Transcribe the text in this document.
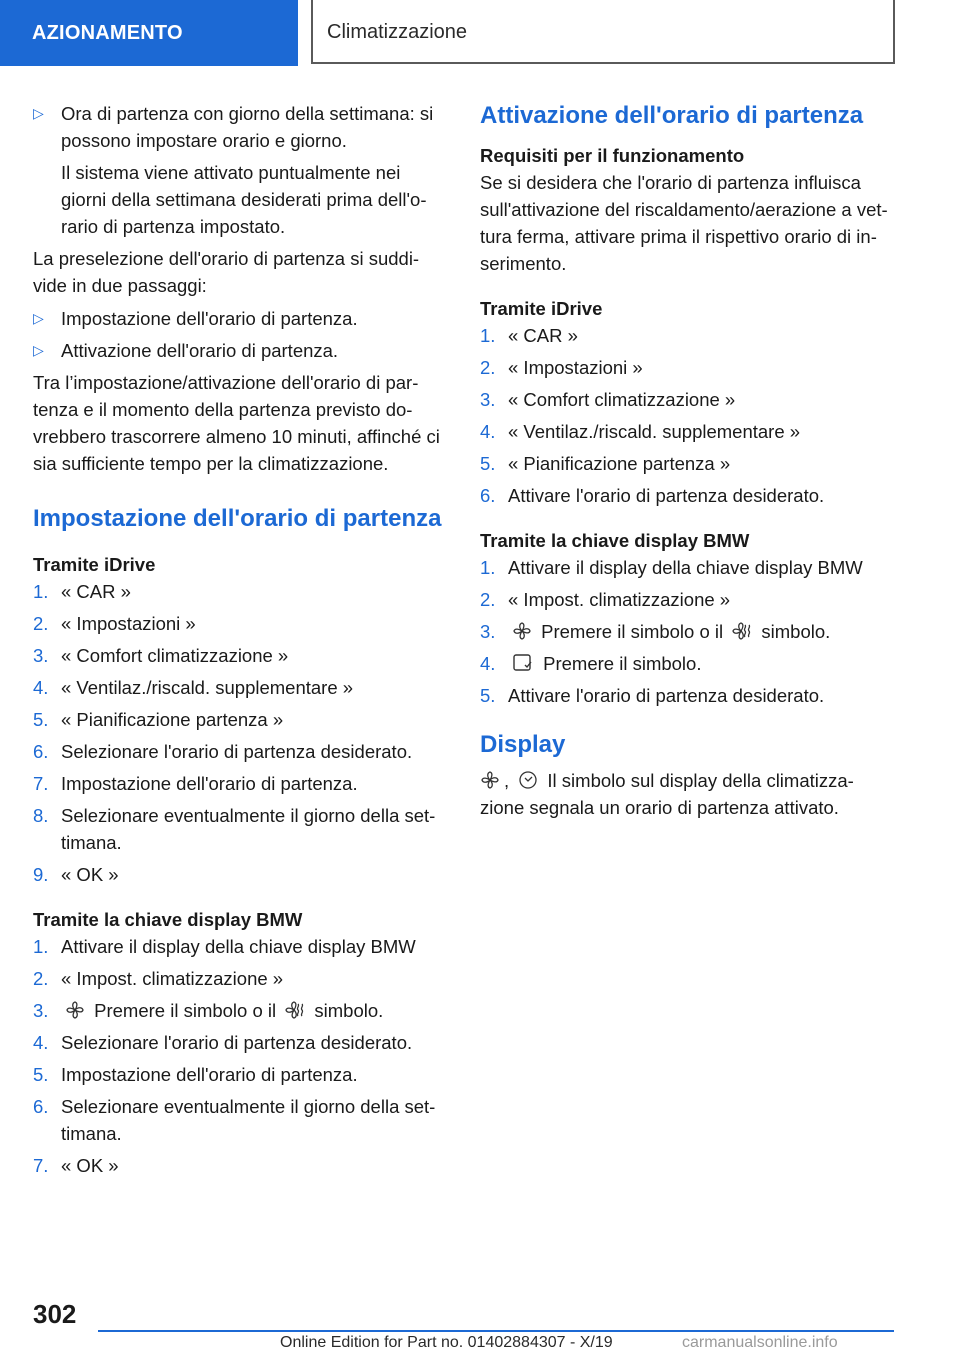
AZIONAMENTO	Climatizzazione
▷ Ora di partenza con giorno della settimana: si possono impostare orario e giorno.

Il sistema viene attivato puntualmente nei giorni della settimana desiderati prima dell'o-rario di partenza impostato.

La preselezione dell'orario di partenza si suddi-vide in due passaggi:

▷ Impostazione dell'orario di partenza.

▷ Attivazione dell'orario di partenza.

Tra l’impostazione/attivazione dell'orario di par-tenza e il momento della partenza previsto do-vrebbero trascorrere almeno 10 minuti, affinché ci sia sufficiente tempo per la climatizzazione.

Impostazione dell'orario di partenza
Tramite iDrive
1. « CAR »
2. « Impostazioni »
3. « Comfort climatizzazione »
4. « Ventilaz./riscald. supplementare »
5. « Pianificazione partenza »
6. Selezionare l'orario di partenza desiderato.
7. Impostazione dell'orario di partenza.
8. Selezionare eventualmente il giorno della set-timana.
9. « OK »
Tramite la chiave display BMW
1. Attivare il display della chiave display BMW
2. « Impost. climatizzazione »
3. Premere il simbolo o il simbolo.
4. Selezionare l'orario di partenza desiderato.
5. Impostazione dell'orario di partenza.
6. Selezionare eventualmente il giorno della set-timana.
7. « OK »
Attivazione dell'orario di partenza
Requisiti per il funzionamento

Se si desidera che l'orario di partenza influisca sull'attivazione del riscaldamento/aerazione a vet-tura ferma, attivare prima il rispettivo orario di in-serimento.

Tramite iDrive
1. « CAR »
2. « Impostazioni »
3. « Comfort climatizzazione »
4. « Ventilaz./riscald. supplementare »
5. « Pianificazione partenza »
6. Attivare l'orario di partenza desiderato.
Tramite la chiave display BMW
1. Attivare il display della chiave display BMW
2. « Impost. climatizzazione »
3. Premere il simbolo o il simbolo.
4.	Premere il simbolo.
5. Attivare l'orario di partenza desiderato.
Display

, Il simbolo sul display della climatizza-zione segnala un orario di partenza attivato.

302
Online Edition for Part no. 01402884307 - X/19	carmanualsonline.info
